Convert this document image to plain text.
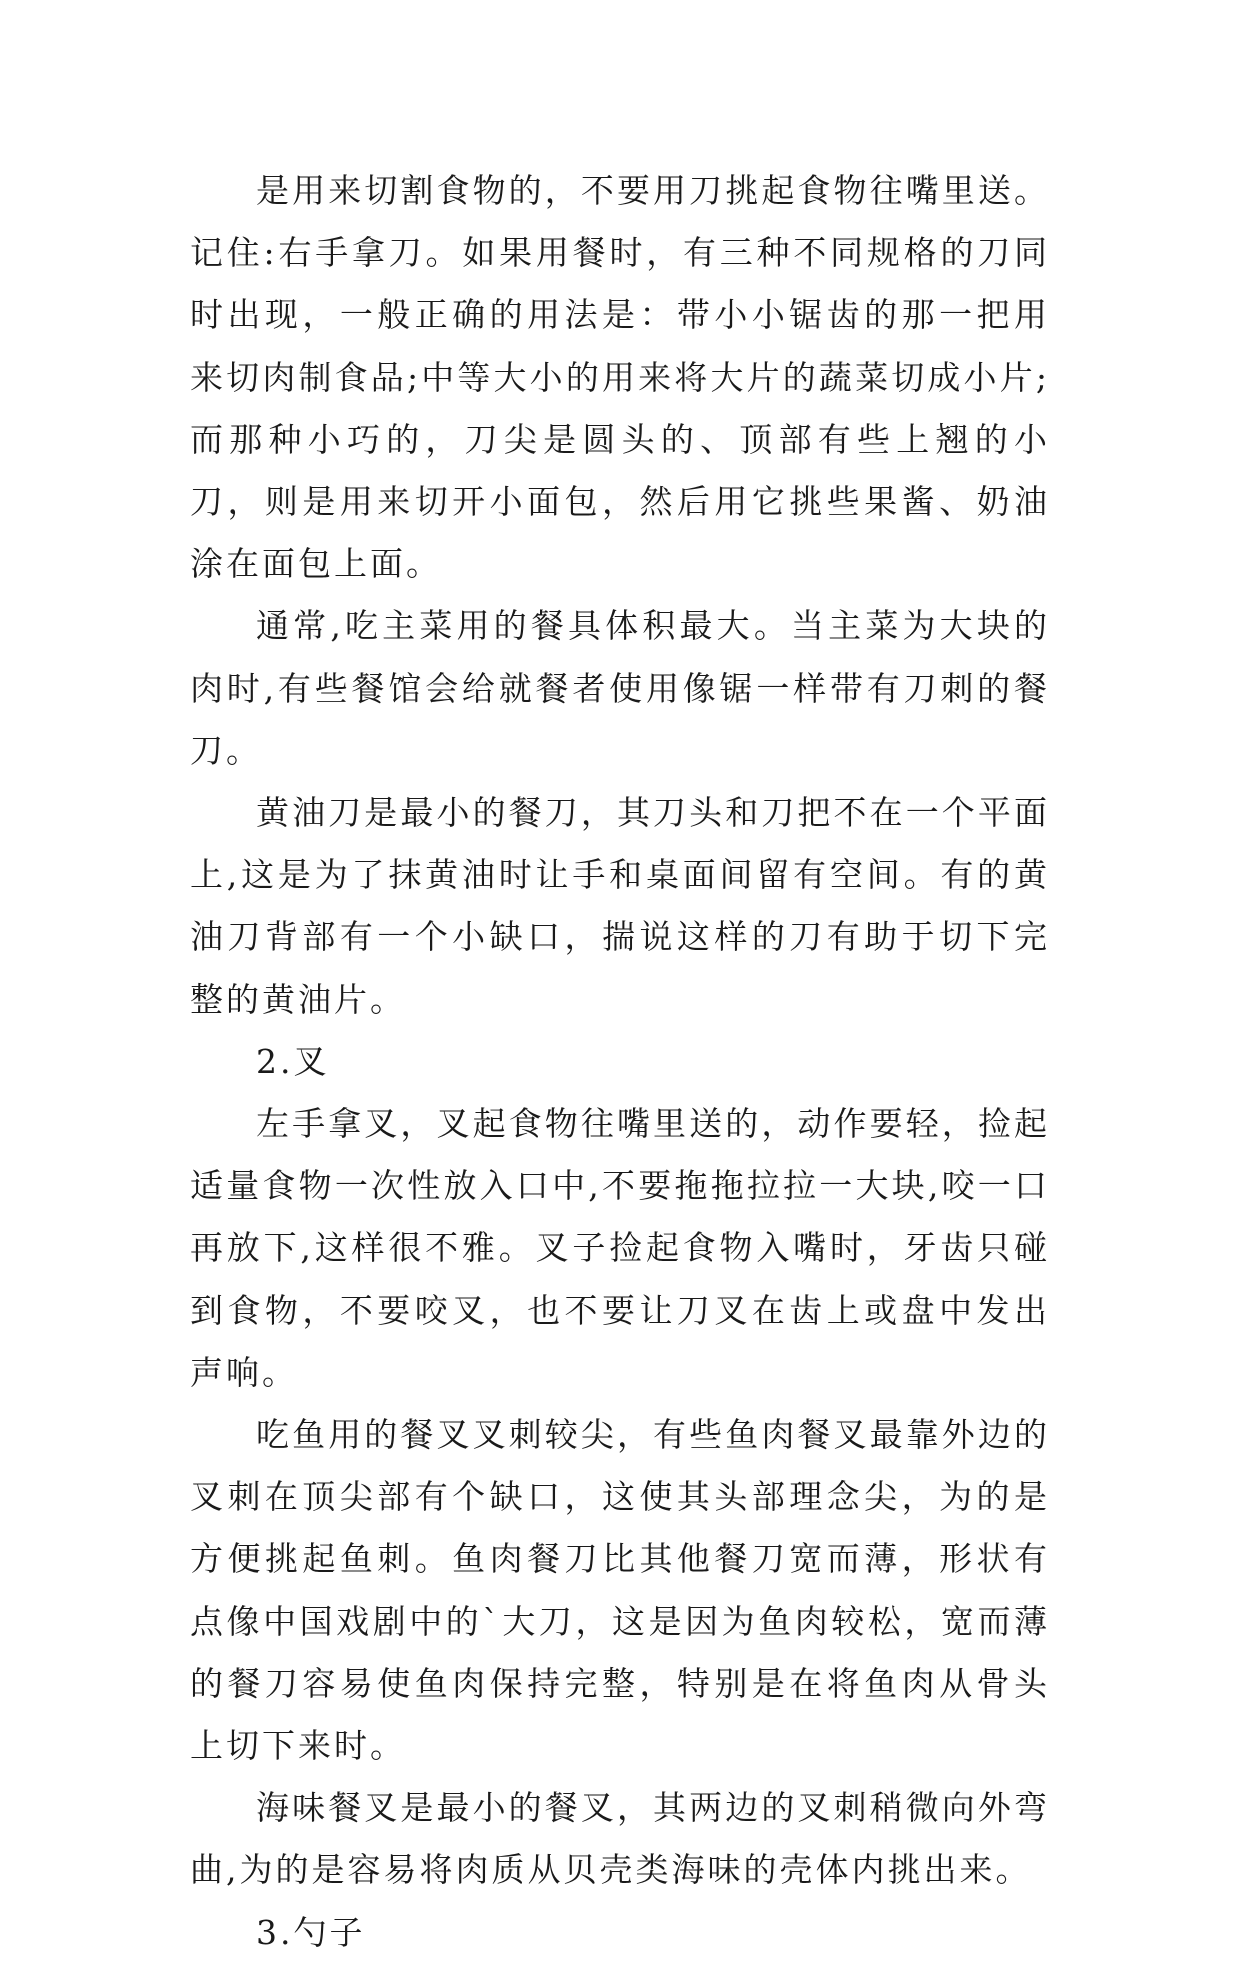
是用来切割食物的，不要用刀挑起食物往嘴里送。记住:右手拿刀。如果用餐时，有三种不同规格的刀同时出现，一般正确的用法是：带小小锯齿的那一把用来切肉制食品;中等大小的用来将大片的蔬菜切成小片;而那种小巧的，刀尖是圆头的、顶部有些上翘的小刀，则是用来切开小面包，然后用它挑些果酱、奶油涂在面包上面。

通常,吃主菜用的餐具体积最大。当主菜为大块的肉时,有些餐馆会给就餐者使用像锯一样带有刀刺的餐刀。

黄油刀是最小的餐刀，其刀头和刀把不在一个平面上,这是为了抹黄油时让手和桌面间留有空间。有的黄油刀背部有一个小缺口，揣说这样的刀有助于切下完整的黄油片。

2.叉

左手拿叉，叉起食物往嘴里送的，动作要轻，捡起适量食物一次性放入口中,不要拖拖拉拉一大块,咬一口再放下,这样很不雅。叉子捡起食物入嘴时，牙齿只碰到食物，不要咬叉，也不要让刀叉在齿上或盘中发出声响。

吃鱼用的餐叉叉刺较尖，有些鱼肉餐叉最靠外边的叉刺在顶尖部有个缺口，这使其头部理念尖，为的是方便挑起鱼刺。鱼肉餐刀比其他餐刀宽而薄，形状有点像中国戏剧中的`大刀，这是因为鱼肉较松，宽而薄的餐刀容易使鱼肉保持完整，特别是在将鱼肉从骨头上切下来时。

海味餐叉是最小的餐叉，其两边的叉刺稍微向外弯曲,为的是容易将肉质从贝壳类海味的壳体内挑出来。

3.勺子
